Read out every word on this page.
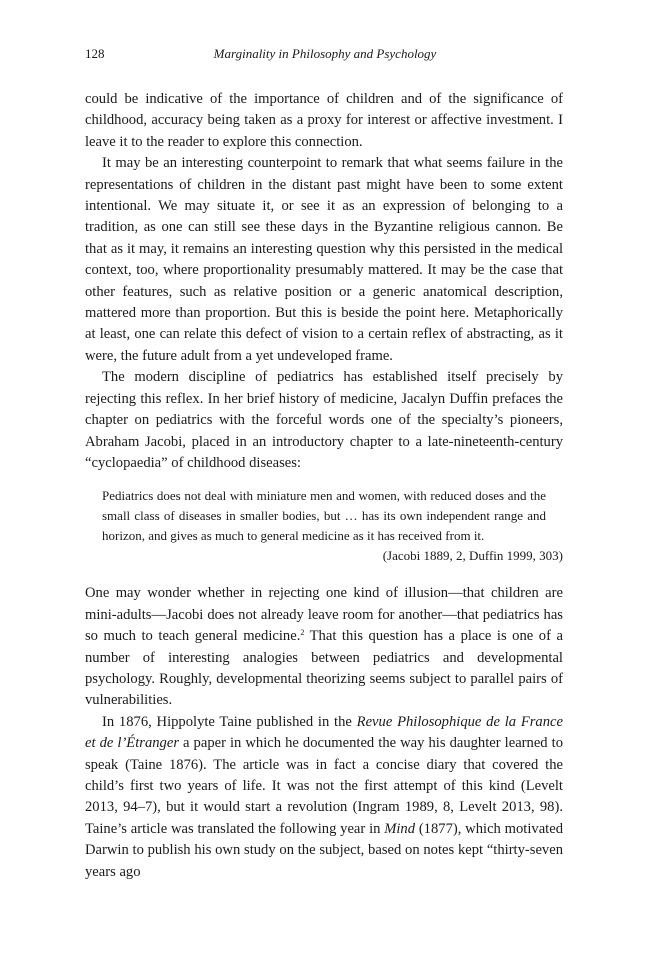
128	Marginality in Philosophy and Psychology

could be indicative of the importance of children and of the significance of childhood, accuracy being taken as a proxy for interest or affective investment. I leave it to the reader to explore this connection.

It may be an interesting counterpoint to remark that what seems failure in the representations of children in the distant past might have been to some extent intentional. We may situate it, or see it as an expression of belonging to a tradition, as one can still see these days in the Byzantine religious cannon. Be that as it may, it remains an interesting question why this persisted in the medical context, too, where proportionality presumably mattered. It may be the case that other features, such as relative position or a generic anatomical description, mattered more than proportion. But this is beside the point here. Metaphorically at least, one can relate this defect of vision to a certain reflex of abstracting, as it were, the future adult from a yet undeveloped frame.

The modern discipline of pediatrics has established itself precisely by rejecting this reflex. In her brief history of medicine, Jacalyn Duffin prefaces the chapter on pediatrics with the forceful words one of the specialty’s pioneers, Abraham Jacobi, placed in an introductory chapter to a late-nineteenth-century “cyclopaedia” of childhood diseases:

Pediatrics does not deal with miniature men and women, with reduced doses and the small class of diseases in smaller bodies, but … has its own independent range and horizon, and gives as much to general medicine as it has received from it.
(Jacobi 1889, 2, Duffin 1999, 303)

One may wonder whether in rejecting one kind of illusion—that children are mini-adults—Jacobi does not already leave room for another—that pediatrics has so much to teach general medicine.$^2$ That this question has a place is one of a number of interesting analogies between pediatrics and developmental psychology. Roughly, developmental theorizing seems subject to parallel pairs of vulnerabilities.

In 1876, Hippolyte Taine published in the Revue Philosophique de la France et de l’Étranger a paper in which he documented the way his daughter learned to speak (Taine 1876). The article was in fact a concise diary that covered the child’s first two years of life. It was not the first attempt of this kind (Levelt 2013, 94–7), but it would start a revolution (Ingram 1989, 8, Levelt 2013, 98). Taine’s article was translated the following year in Mind (1877), which motivated Darwin to publish his own study on the subject, based on notes kept “thirty-seven years ago
